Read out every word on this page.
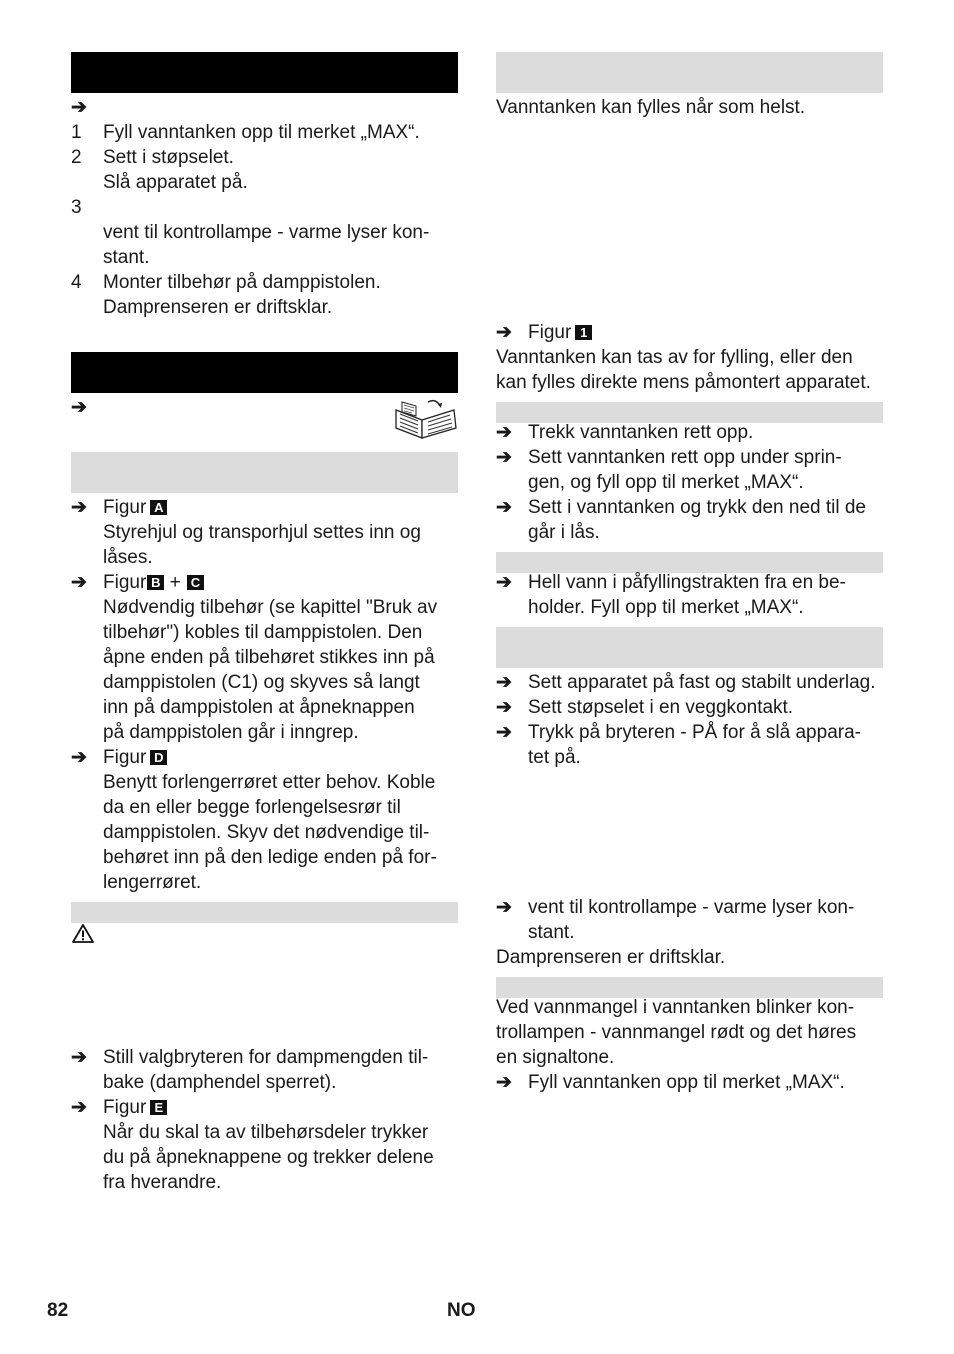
➔
1 Fyll vanntanken opp til merket „MAX“.
2 Sett i støpselet.
Slå apparatet på.
3
vent til kontrollampe - varme lyser kon-
stant.
4 Monter tilbehør på damppistolen.
Damprenseren er driftsklar.
➔
➔ Figur A
Styrehjul og transporhjul settes inn og
låses.
➔ Figur B + C
Nødvendig tilbehør (se kapittel "Bruk av
tilbehør") kobles til damppistolen. Den
åpne enden på tilbehøret stikkes inn på
damppistolen (C1) og skyves så langt
inn på damppistolen at åpneknappen
på damppistolen går i inngrep.
➔ Figur D
Benytt forlengerrøret etter behov. Koble
da en eller begge forlengelsesrør til
damppistolen. Skyv det nødvendige til-
behøret inn på den ledige enden på for-
lengerrøret.
➔ Still valgbryteren for dampmengden til-
bake (damphendel sperret).
➔ Figur E
Når du skal ta av tilbehørsdeler trykker
du på åpneknappene og trekker delene
fra hverandre.
Vanntanken kan fylles når som helst.
➔ Figur 1
Vanntanken kan tas av for fylling, eller den
kan fylles direkte mens påmontert apparatet.
➔ Trekk vanntanken rett opp.
➔ Sett vanntanken rett opp under sprin-
gen, og fyll opp til merket „MAX“.
➔ Sett i vanntanken og trykk den ned til de
går i lås.
➔ Hell vann i påfyllingstrakten fra en be-
holder. Fyll opp til merket „MAX“.
➔ Sett apparatet på fast og stabilt underlag.
➔ Sett støpselet i en veggkontakt.
➔ Trykk på bryteren - PÅ for å slå appara-
tet på.
➔ vent til kontrollampe - varme lyser kon-
stant.
Damprenseren er driftsklar.
Ved vannmangel i vanntanken blinker kon-
trollampen - vannmangel rødt og det høres
en signaltone.
➔ Fyll vanntanken opp til merket „MAX“.
82	NO
